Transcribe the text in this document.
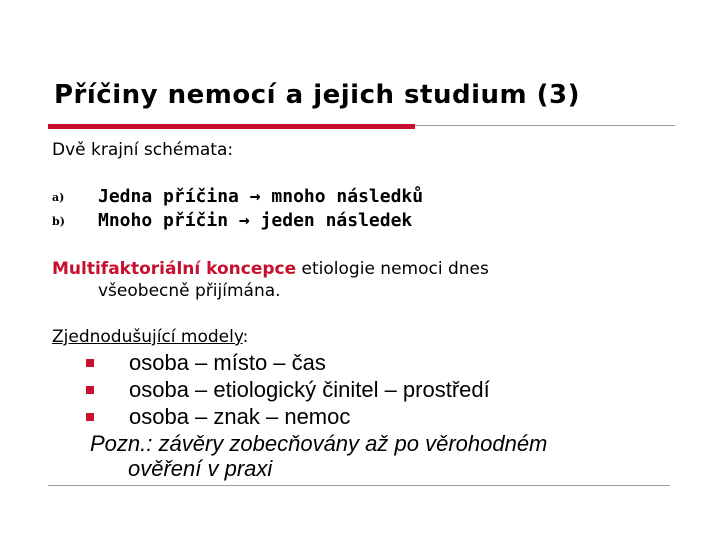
Příčiny nemocí a jejich studium (3)
Dvě krajní schémata:
a) Jedna příčina → mnoho následků
b) Mnoho příčin → jeden následek
Multifaktoriální koncepce etiologie nemoci dnes
všeobecně přijímána.
Zjednodušující modely:
osoba – místo – čas
osoba – etiologický činitel – prostředí
osoba – znak – nemoc
Pozn.: závěry zobecňovány až po věrohodném
ověření v praxi
